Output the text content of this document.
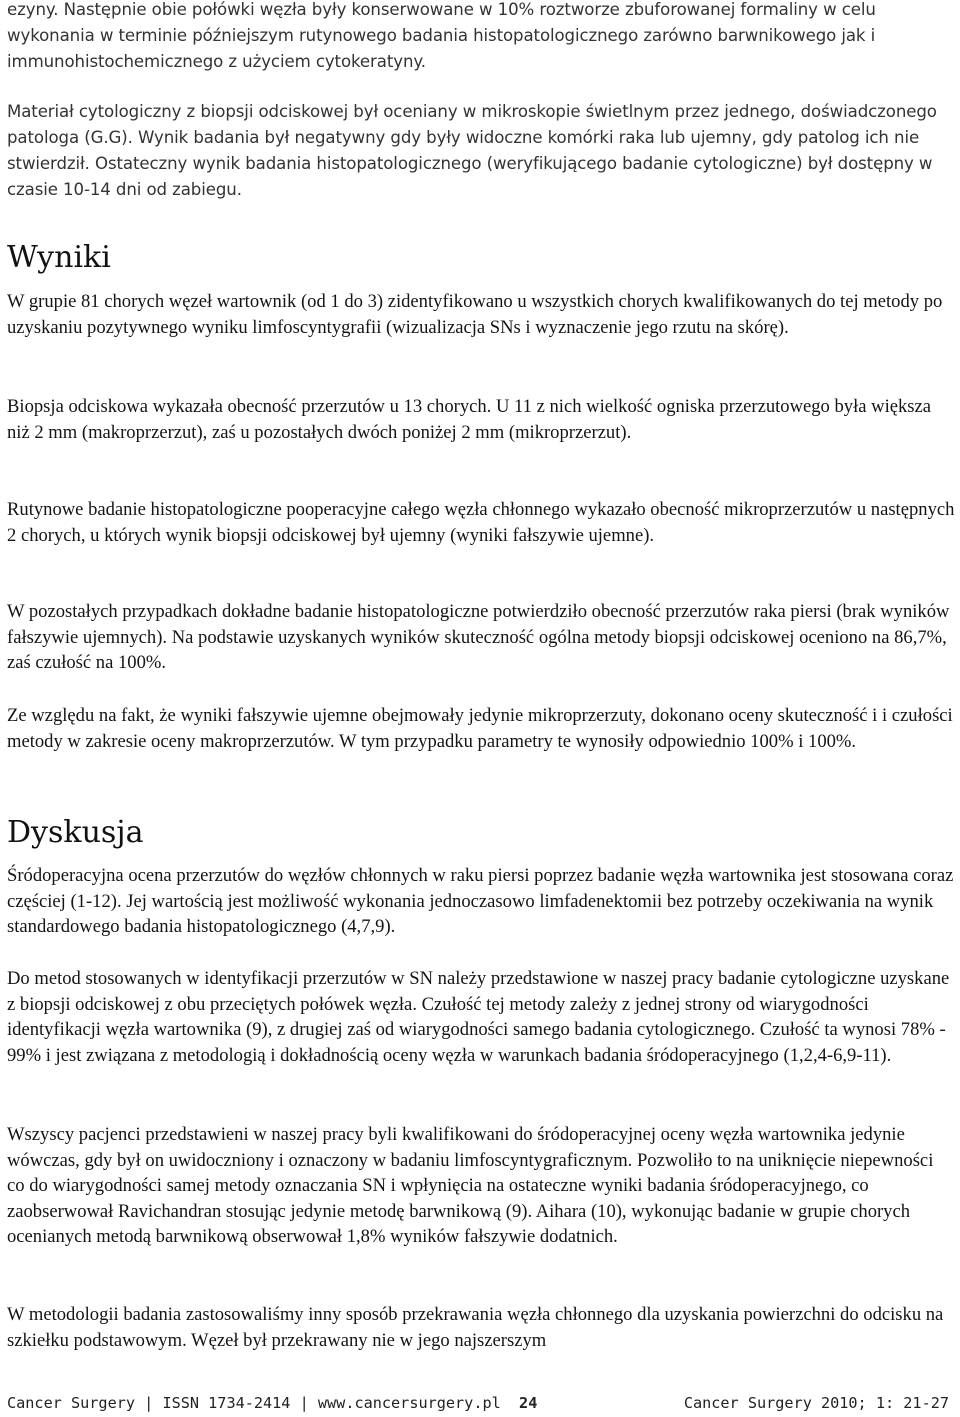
ezyny. Następnie obie połówki węzła były konserwowane w 10% roztworze zbuforowanej formaliny w celu wykonania w terminie późniejszym rutynowego badania histopatologicznego zarówno barwnikowego jak i immunohistochemicznego z użyciem cytokeratyny.

Materiał cytologiczny z biopsji odciskowej był oceniany w mikroskopie świetlnym przez jednego, doświadczonego patologa (G.G). Wynik badania był negatywny gdy były widoczne komórki raka lub ujemny, gdy patolog ich nie stwierdził. Ostateczny wynik badania histopatologicznego (weryfikującego badanie cytologiczne) był dostępny w czasie 10-14 dni od zabiegu.

Wyniki

W grupie 81 chorych węzeł wartownik (od 1 do 3) zidentyfikowano u wszystkich chorych kwalifikowanych do tej metody po uzyskaniu pozytywnego wyniku limfoscyntygrafii (wizualizacja SNs i wyznaczenie jego rzutu na skórę).

Biopsja odciskowa wykazała obecność przerzutów u 13 chorych. U 11 z nich wielkość ogniska przerzutowego była większa niż 2 mm (makroprzerzut), zaś u pozostałych dwóch poniżej 2 mm (mikroprzerzut).

Rutynowe badanie histopatologiczne pooperacyjne całego węzła chłonnego wykazało obecność mikroprzerzutów u następnych 2 chorych, u których wynik biopsji odciskowej był ujemny (wyniki fałszywie ujemne).

W pozostałych przypadkach dokładne badanie histopatologiczne potwierdziło obecność przerzutów raka piersi (brak wyników fałszywie ujemnych). Na podstawie uzyskanych wyników skuteczność ogólna metody biopsji odciskowej oceniono na 86,7%, zaś czułość na 100%.

Ze względu na fakt, że wyniki fałszywie ujemne obejmowały jedynie mikroprzerzuty, dokonano oceny skuteczność i i czułości metody w zakresie oceny makroprzerzutów. W tym przypadku parametry te wynosiły odpowiednio 100% i 100%.

Dyskusja

Śródoperacyjna ocena przerzutów do węzłów chłonnych w raku piersi poprzez badanie węzła wartownika jest stosowana coraz częściej (1-12). Jej wartością jest możliwość wykonania jednoczasowo limfadenektomii bez potrzeby oczekiwania na wynik standardowego badania histopatologicznego (4,7,9).

Do metod stosowanych w identyfikacji przerzutów w SN należy przedstawione w naszej pracy badanie cytologiczne uzyskane z biopsji odciskowej z obu przeciętych połówek węzła. Czułość tej metody zależy z jednej strony od wiarygodności identyfikacji węzła wartownika (9), z drugiej zaś od wiarygodności samego badania cytologicznego. Czułość ta wynosi 78% - 99% i jest związana z metodologią i dokładnością oceny węzła w warunkach badania śródoperacyjnego (1,2,4-6,9-11).

Wszyscy pacjenci przedstawieni w naszej pracy byli kwalifikowani do śródoperacyjnej oceny węzła wartownika jedynie wówczas, gdy był on uwidoczniony i oznaczony w badaniu limfoscyntygraficznym. Pozwoliło to na uniknięcie niepewności co do wiarygodności samej metody oznaczania SN i wpłynięcia na ostateczne wyniki badania śródoperacyjnego, co zaobserwował Ravichandran stosując jedynie metodę barwnikową (9). Aihara (10), wykonując badanie w grupie chorych ocenianych metodą barwnikową obserwował 1,8% wyników fałszywie dodatnich.

W metodologii badania zastosowaliśmy inny sposób przekrawania węzła chłonnego dla uzyskania powierzchni do odcisku na szkiełku podstawowym. Węzeł był przekrawany nie w jego najszerszym

Cancer Surgery | ISSN 1734-2414 | www.cancersurgery.pl  24	Cancer Surgery 2010; 1: 21-27
